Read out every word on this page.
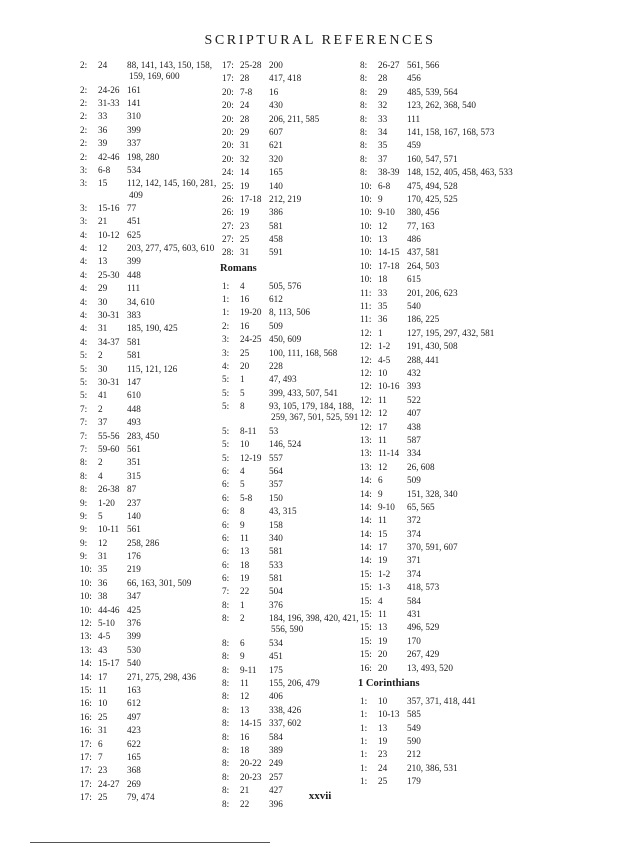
SCRIPTURAL REFERENCES
2:	24	88, 141, 143, 150, 158, 159, 169, 600
2:	24-26 161
2:	31-33 141
2:	33	310
2:	36	399
2:	39	337
2:	42-46 198, 280
3:	6-8	534
3:	15	112, 142, 145, 160, 281, 409
3:	15-16 77
3:	21	451
4:	10-12 625
4:	12	203, 277, 475, 603, 610
4:	13	399
4:	25-30 448
4:	29	111
4:	30	34, 610
4:	30-31 383
4:	31	185, 190, 425
4:	34-37 581
5:	2	581
5:	30	115, 121, 126
5:	30-31 147
5:	41	610
7:	2	448
7:	37	493
7:	55-56 283, 450
7:	59-60 561
8:	2	351
8:	4	315
8:	26-38 87
9:	1-20	237
9:	5	140
9:	10-11 561
9:	12	258, 286
9:	31	176
10: 35	219
10: 36	66, 163, 301, 509
10: 38	347
10: 44-46 425
12: 5-10	376
13: 4-5	399
13: 43	530
14: 15-17 540
14: 17	271, 275, 298, 436
15: 11	163
16: 10	612
16: 25	497
16: 31	423
17: 6	622
17: 7	165
17: 23	368
17: 24-27 269
17: 25	79, 474
17: 25-28 200
17: 28	417, 418
20: 7-8	16
20: 24	430
20: 28	206, 211, 585
20: 29	607
20: 31	621
20: 32	320
24: 14	165
25: 19	140
26: 17-18 212, 219
26: 19	386
27: 23	581
27: 25	458
28: 31	591
Romans
1:	4	505, 576
1:	16	612
1:	19-20 8, 113, 506
2:	16	509
3:	24-25 450, 609
3:	25	100, 111, 168, 568
4:	20	228
5:	1	47, 493
5:	5	399, 433, 507, 541
5:	8	93, 105, 179, 184, 188, 259, 367, 501, 525, 591
5:	8-11	53
5:	10	146, 524
5:	12-19 557
6:	4	564
6:	5	357
6:	5-8	150
6:	8	43, 315
6:	9	158
6:	11	340
6:	13	581
6:	18	533
6:	19	581
7:	22	504
8:	1	376
8:	2	184, 196, 398, 420, 421, 556, 590
8:	6	534
8:	9	451
8:	9-11	175
8:	11	155, 206, 479
8:	12	406
8:	13	338, 426
8:	14-15 337, 602
8:	16	584
8:	18	389
8:	20-22 249
8:	20-23 257
8:	21	427
8:	22	396
8:	26-27 561, 566
8:	28	456
8:	29	485, 539, 564
8:	32	123, 262, 368, 540
8:	33	111
8:	34	141, 158, 167, 168, 573
8:	35	459
8:	37	160, 547, 571
8:	38-39 148, 152, 405, 458, 463, 533
10: 6-8	475, 494, 528
10: 9	170, 425, 525
10: 9-10	380, 456
10: 12	77, 163
10: 13	486
10: 14-15 437, 581
10: 17-18 264, 503
10: 18	615
11: 33	201, 206, 623
11: 35	540
11: 36	186, 225
12: 1	127, 195, 297, 432, 581
12: 1-2	191, 430, 508
12: 4-5	288, 441
12: 10	432
12: 10-16 393
12: 11	522
12: 12	407
12: 17	438
13: 11	587
13: 11-14 334
13: 12	26, 608
14: 6	509
14: 9	151, 328, 340
14: 9-10	65, 565
14: 11	372
14: 15	374
14: 17	370, 591, 607
14: 19	371
15: 1-2	374
15: 1-3	418, 573
15: 4	584
15: 11	431
15: 13	496, 529
15: 19	170
15: 20	267, 429
16: 20	13, 493, 520
1 Corinthians
1:	10	357, 371, 418, 441
1:	10-13 585
1:	13	549
1:	19	590
1:	23	212
1:	24	210, 386, 531
1:	25	179
xxvii
